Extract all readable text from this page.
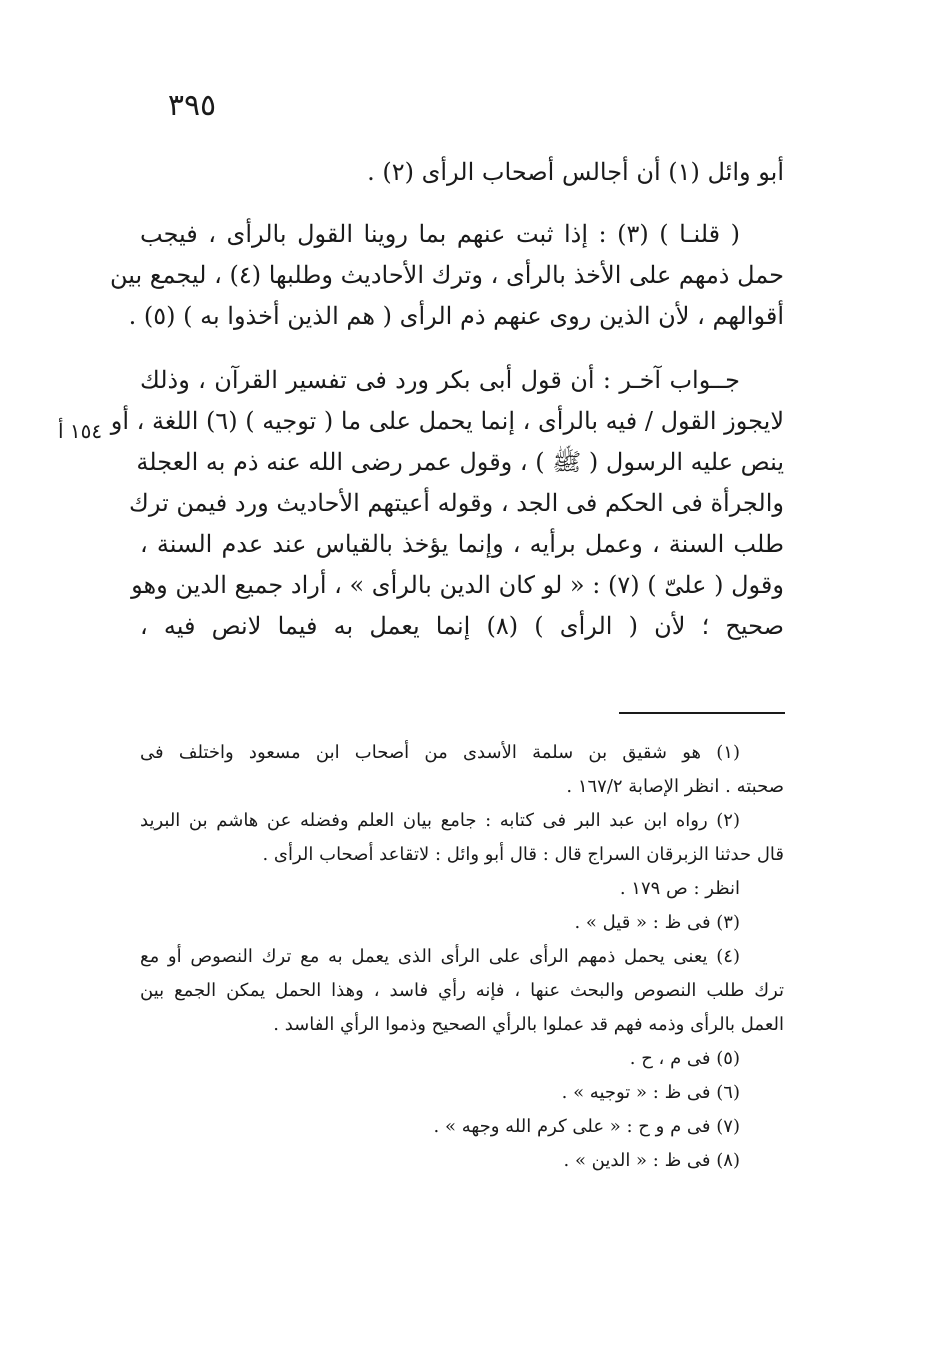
٣٩٥
١٥٤ أ
أبو وائل (١) أن أجالس أصحاب الرأى (٢) .
( قلنـا ) (٣) : إذا ثبت عنهم بما روينا القول بالرأى ، فيجب
حمل ذمهم على الأخذ بالرأى ، وترك الأحاديث وطلبها (٤) ، ليجمع بين
أقوالهم ، لأن الذين روى عنهم ذم الرأى ( هم الذين أخذوا به ) (٥) .
جــواب آخـر : أن قول أبى بكر ورد فى تفسير القرآن ، وذلك
لايجوز القول / فيه بالرأى ، إنما يحمل على ما ( توجيه ) (٦) اللغة ، أو
ينص عليه الرسول ( ﷺ ) ، وقول عمر رضى الله عنه ذم به العجلة
والجرأة فى الحكم فى الجد ، وقوله أعيتهم الأحاديث ورد فيمن ترك
طلب السنة ، وعمل برأيه ، وإنما يؤخذ بالقياس عند عدم السنة ،
وقول ( علىّ ) (٧) : « لو كان الدين بالرأى » ، أراد جميع الدين وهو
صحيح ؛ لأن ( الرأى ) (٨) إنما يعمل به فيما لانص فيه ،
(١) هو شقيق بن سلمة الأسدى من أصحاب ابن مسعود واختلف فى
صحبته . انظر الإصابة ١٦٧/٢ .
(٢) رواه ابن عبد البر فى كتابه : جامع بيان العلم وفضله عن هاشم بن البريد
قال حدثنا الزبرقان السراج قال : قال أبو وائل : لاتقاعد أصحاب الرأى .
انظر : ص ١٧٩ .
(٣) فى ظ : « قيل » .
(٤) يعنى يحمل ذمهم الرأى على الرأى الذى يعمل به مع ترك النصوص أو مع
ترك طلب النصوص والبحث عنها ، فإنه رأي فاسد ، وهذا الحمل يمكن الجمع بين
العمل بالرأى وذمه فهم قد عملوا بالرأي الصحيح وذموا الرأي الفاسد .
(٥) فى م ، ح .
(٦) فى ظ : « توجيه » .
(٧) فى م و ح : « على كرم الله وجهه » .
(٨) فى ظ : « الدين » .
